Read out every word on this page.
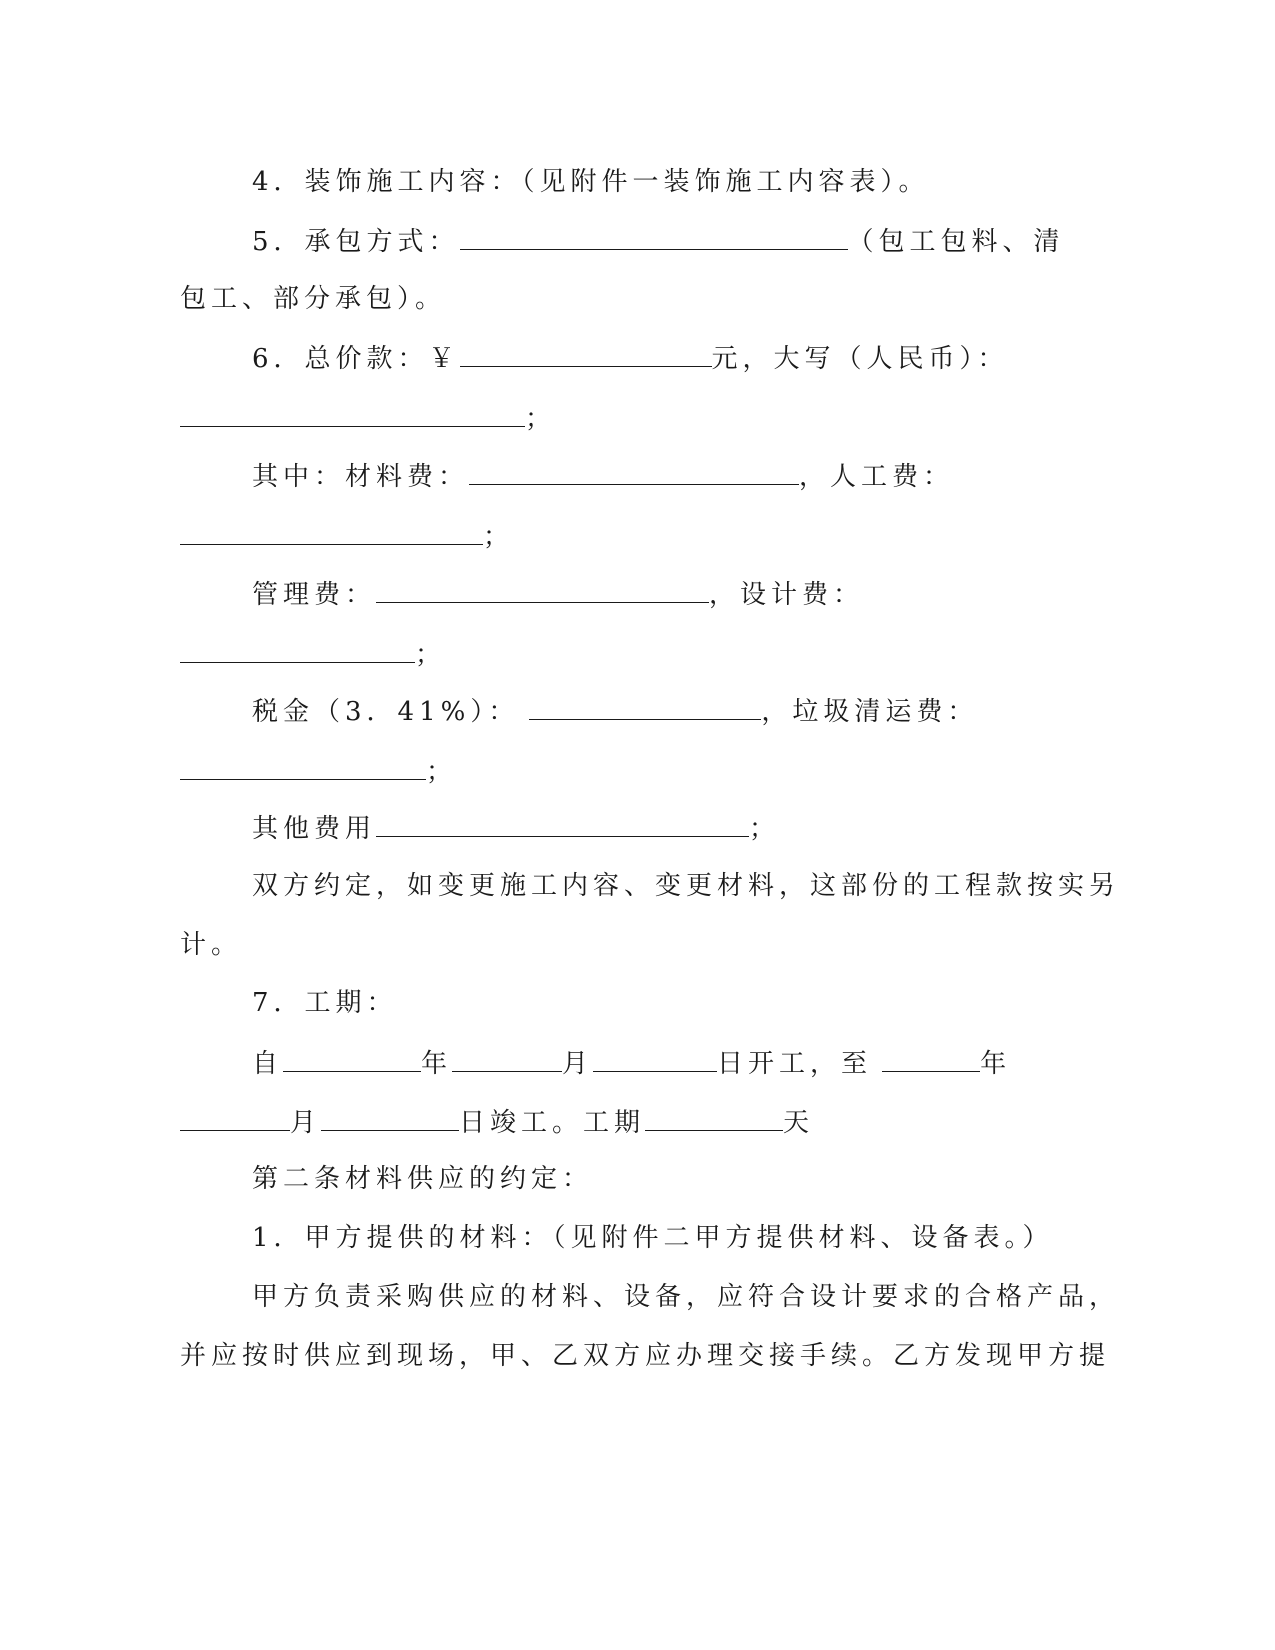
4．装饰施工内容：（见附件一装饰施工内容表）。
5．承包方式：	（包工包料、清
包工、部分承包）。
6．总价款：￥	元，大写（人民币）：
；
其中：材料费：	，人工费：
；
管理费：	，设计费：
；
税金（3．41%）：	，垃圾清运费：
；
其他费用	；
双方约定，如变更施工内容、变更材料，这部份的工程款按实另
计。
7．工期：
自	年	月	日开工，至	年
月	日竣工。工期	天
第二条材料供应的约定：
1．甲方提供的材料：（见附件二甲方提供材料、设备表。）
甲方负责采购供应的材料、设备，应符合设计要求的合格产品，
并应按时供应到现场，甲、乙双方应办理交接手续。乙方发现甲方提
